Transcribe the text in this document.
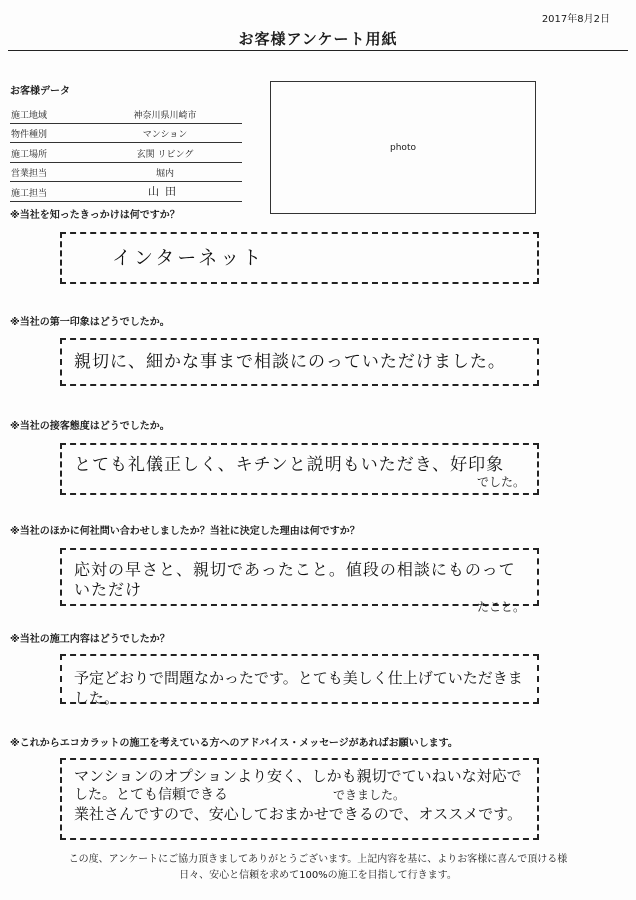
2017年8月2日
お客様アンケート用紙
お客様データ
施工地域	神奈川県川崎市
物件種別	マンション
施工場所	玄関 リビング
営業担当	堀内
施工担当	山田
photo
※当社を知ったきっかけは何ですか？
インターネット
※当社の第一印象はどうでしたか。
親切に、細かな事まで相談にのっていただけました。
※当社の接客態度はどうでしたか。
とても礼儀正しく、キチンと説明もいただき、好印象
でした。
※当社のほかに何社問い合わせしましたか？当社に決定した理由は何ですか？
応対の早さと、親切であったこと。値段の相談にものっていただけ
たこと。
※当社の施工内容はどうでしたか？
予定どおりで問題なかったです。とても美しく仕上げていただきました。
※これからエコカラットの施工を考えている方へのアドバイス・メッセージがあればお願いします。
マンションのオプションより安く、しかも親切でていねいな対応で
した。とても信頼できる	できました。
業社さんですので、安心しておまかせできるので、オススメです。
この度、アンケートにご協力頂きましてありがとうございます。上記内容を基に、よりお客様に喜んで頂ける様
日々、安心と信頼を求めて100%の施工を目指して行きます。
